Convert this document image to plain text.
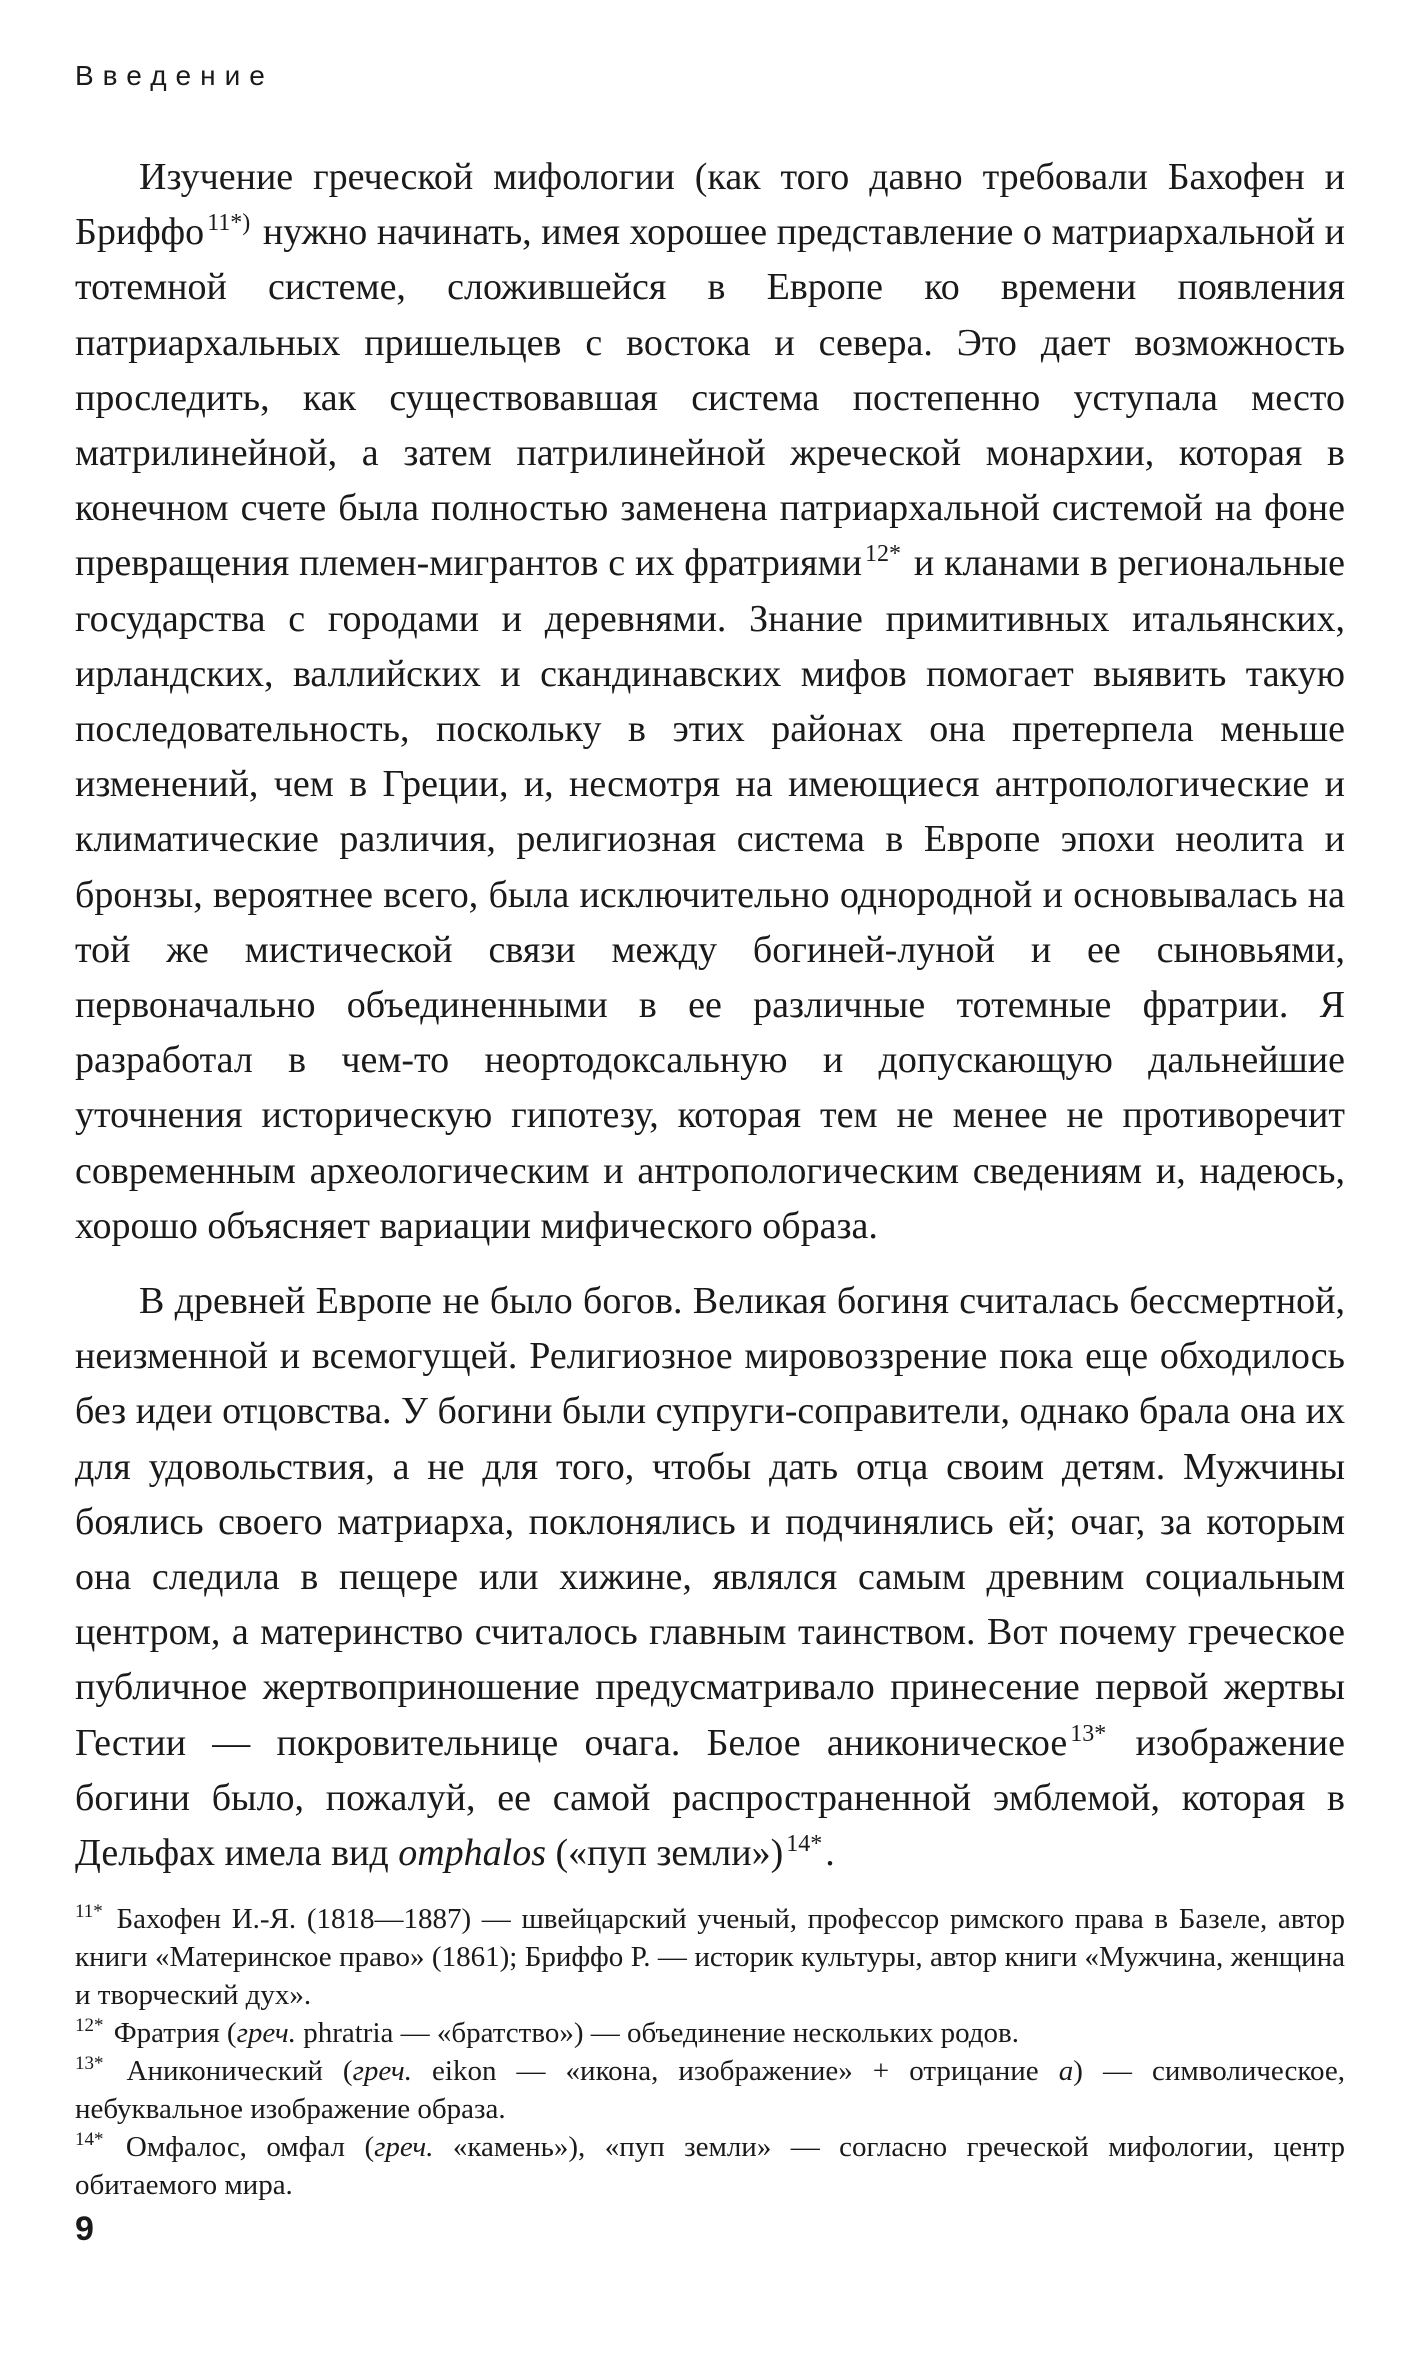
Введение

Изучение греческой мифологии (как того давно требовали Бахофен и Бриффо $^{11*)}$ нужно начинать, имея хорошее представление о матриархальной и тотемной системе, сложившейся в Европе ко времени появления патриархальных пришельцев с востока и севера. Это дает возможность проследить, как существовавшая система постепенно уступала место матрилинейной, а затем патрилинейной жреческой монархии, которая в конечном счете была полностью заменена патриархальной системой на фоне превращения племен-мигрантов с их фратриями $^{12*}$ и кланами в региональные государства с городами и деревнями. Знание примитивных итальянских, ирландских, валлийских и скандинавских мифов помогает выявить такую последовательность, поскольку в этих районах она претерпела меньше изменений, чем в Греции, и, несмотря на имеющиеся антропологические и климатические различия, религиозная система в Европе эпохи неолита и бронзы, вероятнее всего, была исключительно однородной и основывалась на той же мистической связи между богиней-луной и ее сыновьями, первоначально объединенными в ее различные тотемные фратрии. Я разработал в чем-то неортодоксальную и допускающую дальнейшие уточнения историческую гипотезу, которая тем не менее не противоречит современным археологическим и антропологическим сведениям и, надеюсь, хорошо объясняет вариации мифического образа.

В древней Европе не было богов. Великая богиня считалась бессмертной, неизменной и всемогущей. Религиозное мировоззрение пока еще обходилось без идеи отцовства. У богини были супруги-соправители, однако брала она их для удовольствия, а не для того, чтобы дать отца своим детям. Мужчины боялись своего матриарха, поклонялись и подчинялись ей; очаг, за которым она следила в пещере или хижине, являлся самым древним социальным центром, а материнство считалось главным таинством. Вот почему греческое публичное жертвоприношение предусматривало принесение первой жертвы Гестии — покровительнице очага. Белое аниконическое $^{13*}$ изображение богини было, пожалуй, ее самой распространенной эмблемой, которая в Дельфах имела вид omphalos («пуп земли») $^{14*}$.

$^{11*}$ Бахофен И.-Я. (1818—1887) — швейцарский ученый, профессор римского права в Базеле, автор книги «Материнское право» (1861); Бриффо Р. — историк культуры, автор книги «Мужчина, женщина и творческий дух».

$^{12*}$ Фратрия (греч. phratria — «братство») — объединение нескольких родов.

$^{13*}$ Аниконический (греч. eikon — «икона, изображение» + отрицание а) — символическое, небуквальное изображение образа.

$^{14*}$ Омфалос, омфал (греч. «камень»), «пуп земли» — согласно греческой мифологии, центр обитаемого мира.

9
